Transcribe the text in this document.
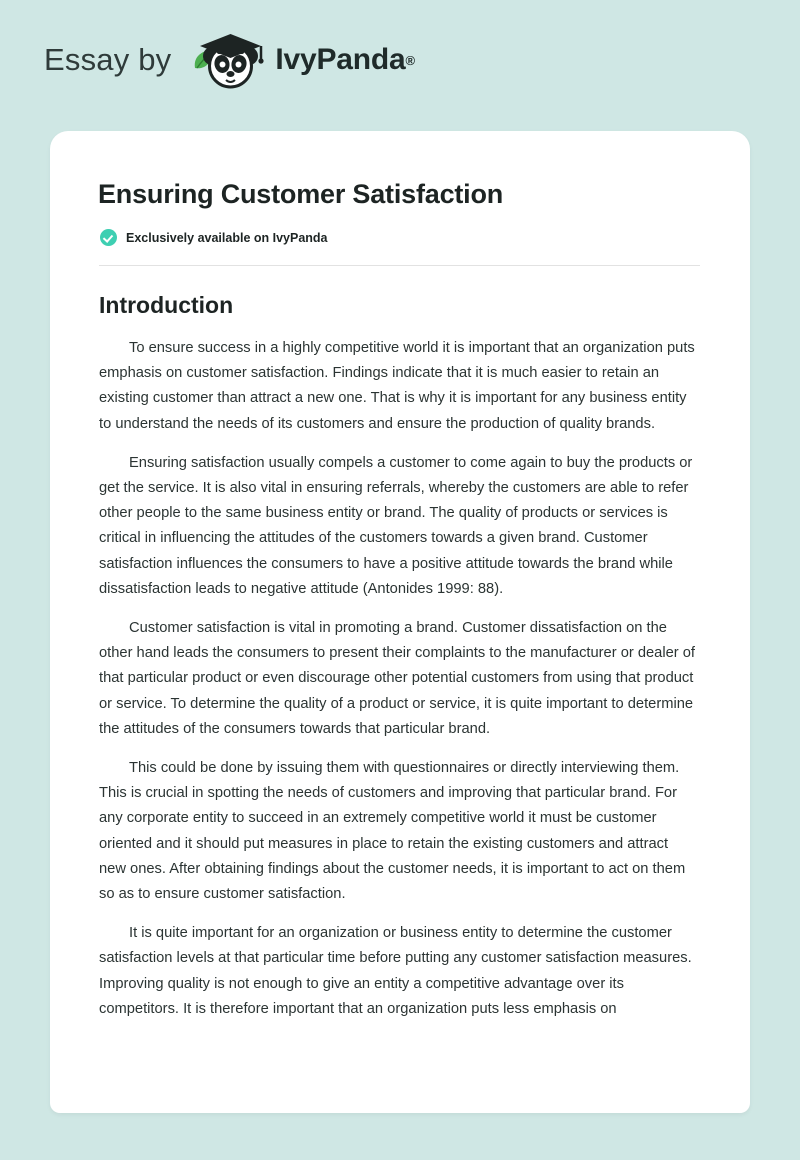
Essay by	IvyPanda ®
Ensuring Customer Satisfaction
Exclusively available on IvyPanda
Introduction

To ensure success in a highly competitive world it is important that an organization puts emphasis on customer satisfaction. Findings indicate that it is much easier to retain an existing customer than attract a new one. That is why it is important for any business entity to understand the needs of its customers and ensure the production of quality brands.

Ensuring satisfaction usually compels a customer to come again to buy the products or get the service. It is also vital in ensuring referrals, whereby the customers are able to refer other people to the same business entity or brand. The quality of products or services is critical in influencing the attitudes of the customers towards a given brand. Customer satisfaction influences the consumers to have a positive attitude towards the brand while dissatisfaction leads to negative attitude (Antonides 1999: 88).

Customer satisfaction is vital in promoting a brand. Customer dissatisfaction on the other hand leads the consumers to present their complaints to the manufacturer or dealer of that particular product or even discourage other potential customers from using that product or service. To determine the quality of a product or service, it is quite important to determine the attitudes of the consumers towards that particular brand.

This could be done by issuing them with questionnaires or directly interviewing them. This is crucial in spotting the needs of customers and improving that particular brand. For any corporate entity to succeed in an extremely competitive world it must be customer oriented and it should put measures in place to retain the existing customers and attract new ones. After obtaining findings about the customer needs, it is important to act on them so as to ensure customer satisfaction.

It is quite important for an organization or business entity to determine the customer satisfaction levels at that particular time before putting any customer satisfaction measures. Improving quality is not enough to give an entity a competitive advantage over its competitors. It is therefore important that an organization puts less emphasis on
